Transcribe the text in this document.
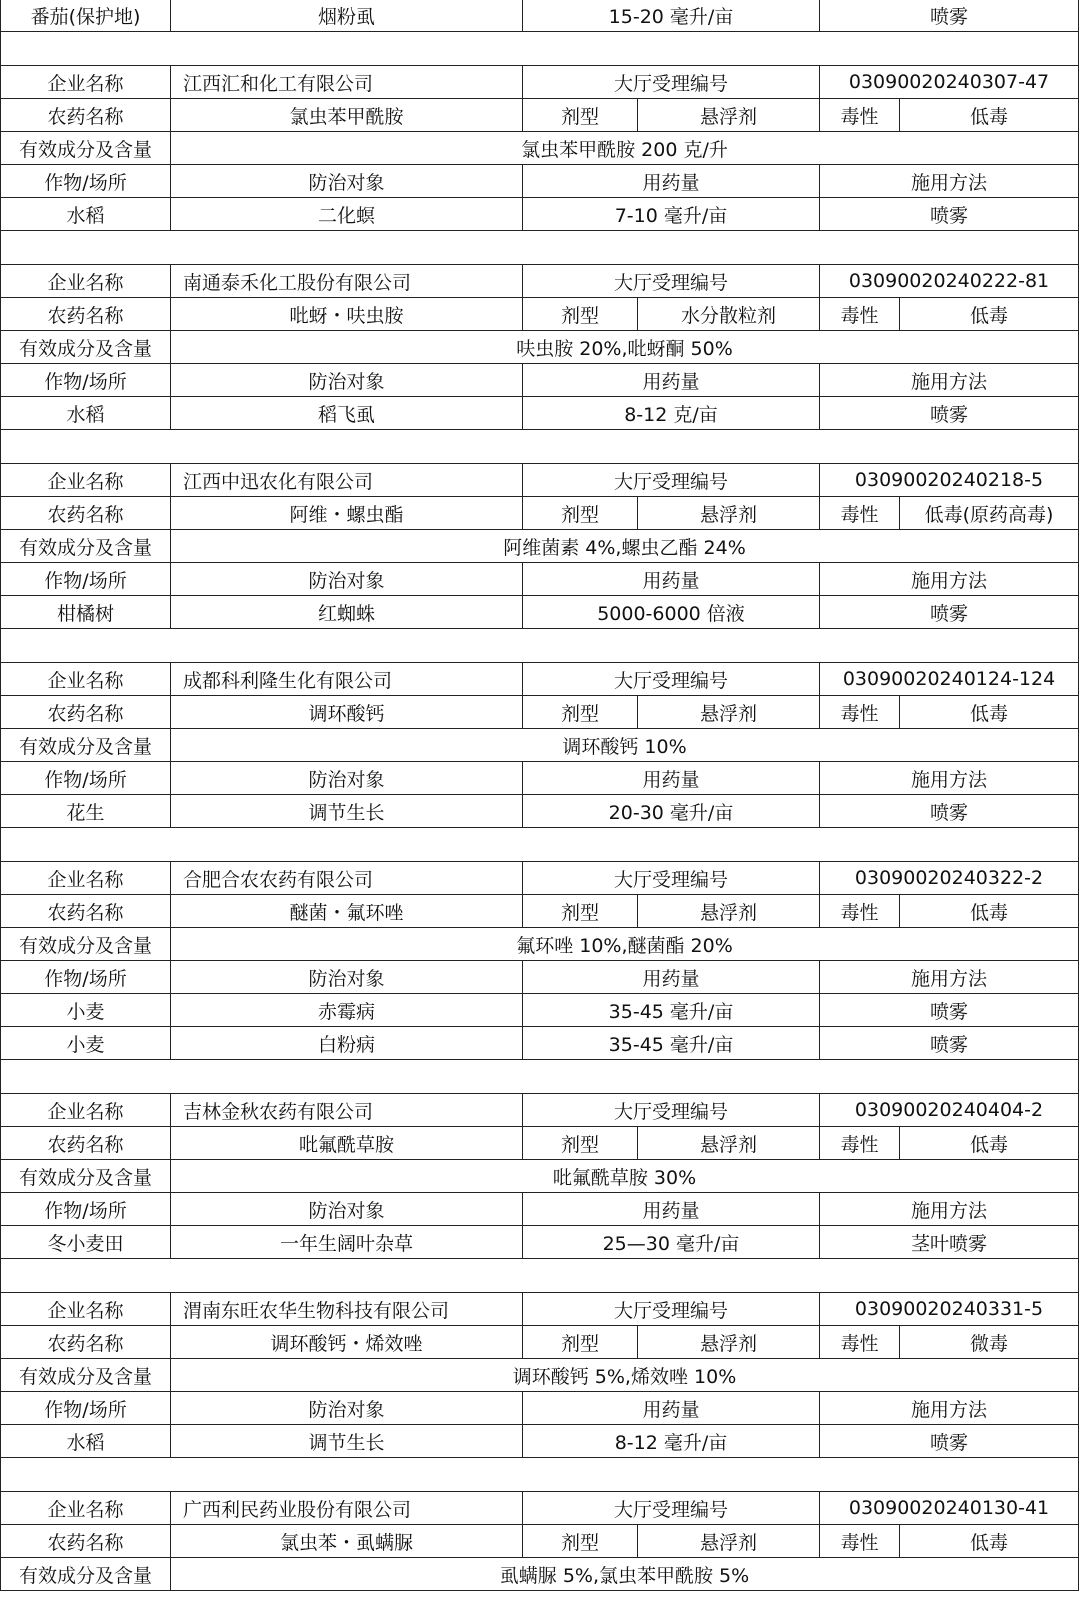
番茄(保护地)	烟粉虱	15-20 毫升/亩		喷雾	

企业名称	江西汇和化工有限公司	大厅受理编号		03090020240307-47	
农药名称	氯虫苯甲酰胺	剂型	悬浮剂	毒性	低毒
有效成分及含量	氯虫苯甲酰胺 200 克/升				
作物/场所	防治对象	用药量		施用方法	
水稻	二化螟	7-10 毫升/亩		喷雾	

企业名称	南通泰禾化工股份有限公司	大厅受理编号		03090020240222-81	
农药名称	吡蚜・呋虫胺	剂型	水分散粒剂	毒性	低毒
有效成分及含量	呋虫胺 20%,吡蚜酮 50%				
作物/场所	防治对象	用药量		施用方法	
水稻	稻飞虱	8-12 克/亩		喷雾	

企业名称	江西中迅农化有限公司	大厅受理编号		03090020240218-5	
农药名称	阿维・螺虫酯	剂型	悬浮剂	毒性	低毒(原药高毒)
有效成分及含量	阿维菌素 4%,螺虫乙酯 24%				
作物/场所	防治对象	用药量		施用方法	
柑橘树	红蜘蛛	5000-6000 倍液		喷雾	

企业名称	成都科利隆生化有限公司	大厅受理编号		03090020240124-124	
农药名称	调环酸钙	剂型	悬浮剂	毒性	低毒
有效成分及含量	调环酸钙 10%				
作物/场所	防治对象	用药量		施用方法	
花生	调节生长	20-30 毫升/亩		喷雾	

企业名称	合肥合农农药有限公司	大厅受理编号		03090020240322-2	
农药名称	醚菌・氟环唑	剂型	悬浮剂	毒性	低毒
有效成分及含量	氟环唑 10%,醚菌酯 20%				
作物/场所	防治对象	用药量		施用方法	
小麦	赤霉病	35-45 毫升/亩		喷雾	
小麦	白粉病	35-45 毫升/亩		喷雾	

企业名称	吉林金秋农药有限公司	大厅受理编号		03090020240404-2	
农药名称	吡氟酰草胺	剂型	悬浮剂	毒性	低毒
有效成分及含量	吡氟酰草胺 30%				
作物/场所	防治对象	用药量		施用方法	
冬小麦田	一年生阔叶杂草	25—30 毫升/亩		茎叶喷雾	

企业名称	渭南东旺农华生物科技有限公司	大厅受理编号		03090020240331-5	
农药名称	调环酸钙・烯效唑	剂型	悬浮剂	毒性	微毒
有效成分及含量	调环酸钙 5%,烯效唑 10%				
作物/场所	防治对象	用药量		施用方法	
水稻	调节生长	8-12 毫升/亩		喷雾	

企业名称	广西利民药业股份有限公司	大厅受理编号		03090020240130-41	
农药名称	氯虫苯・虱螨脲	剂型	悬浮剂	毒性	低毒
有效成分及含量	虱螨脲 5%,氯虫苯甲酰胺 5%				
